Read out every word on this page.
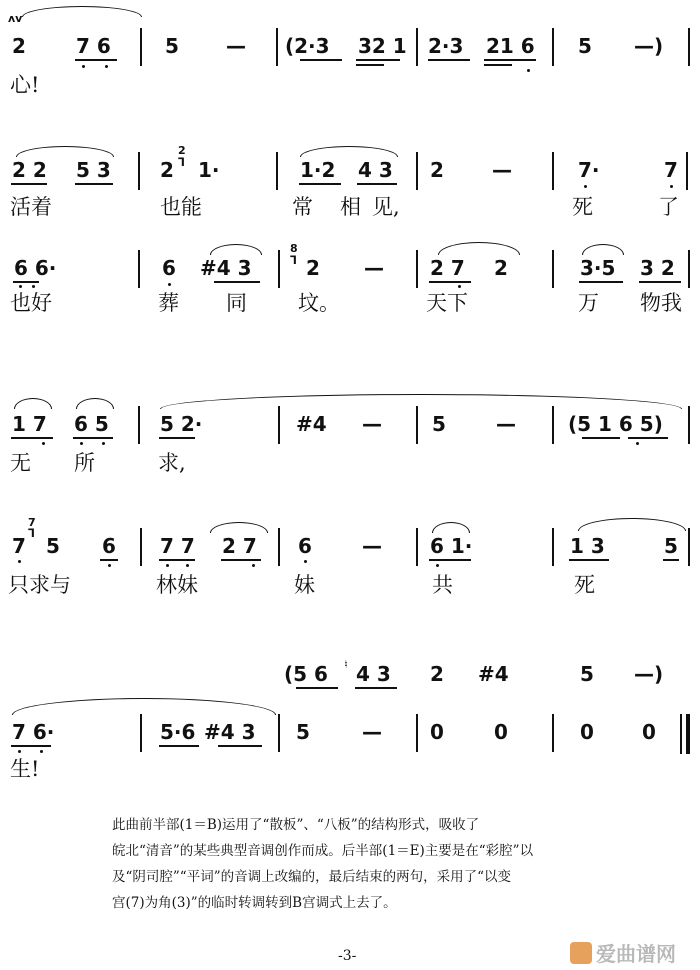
ʌv
2	7 6	5 — (2·3 32 1 2·3 21 6 5 —)
心!
2 2 5 3 2
2
ᒣ 1·	1·2 4 3 2 —	7·	7
活着	也能	常 相 见,	死	了
6 6·	6 #4 3
8
ᒣ 2 — 2 7 2	3·5 3 2
也好	葬 同 坟。	天下	万 物我
1 7 6 5	5 2·	#4 —	5	—	(5 1 6 5)
无 所	求,
7
ᒣ
7 5 6 7 7 2 7 6	— 6 1·	1 3	5
只求与	林妹	妹	共	死
(5 6 ♮ 4 3 2 #4	5 —)
7 6·	5·6 #4 3 5	— 0	0	0 0
生!

此曲前半部(1＝B)运用了“散板”、“八板”的结构形式，吸收了

皖北“清音”的某些典型音调创作而成。后半部(1＝E)主要是在“彩腔”以

及“阴司腔”“平词”的音调上改编的，最后结束的两句，采用了“以变

宫(7)为角(3)”的临时转调转到B宫调式上去了。

-3-	爱曲谱网
